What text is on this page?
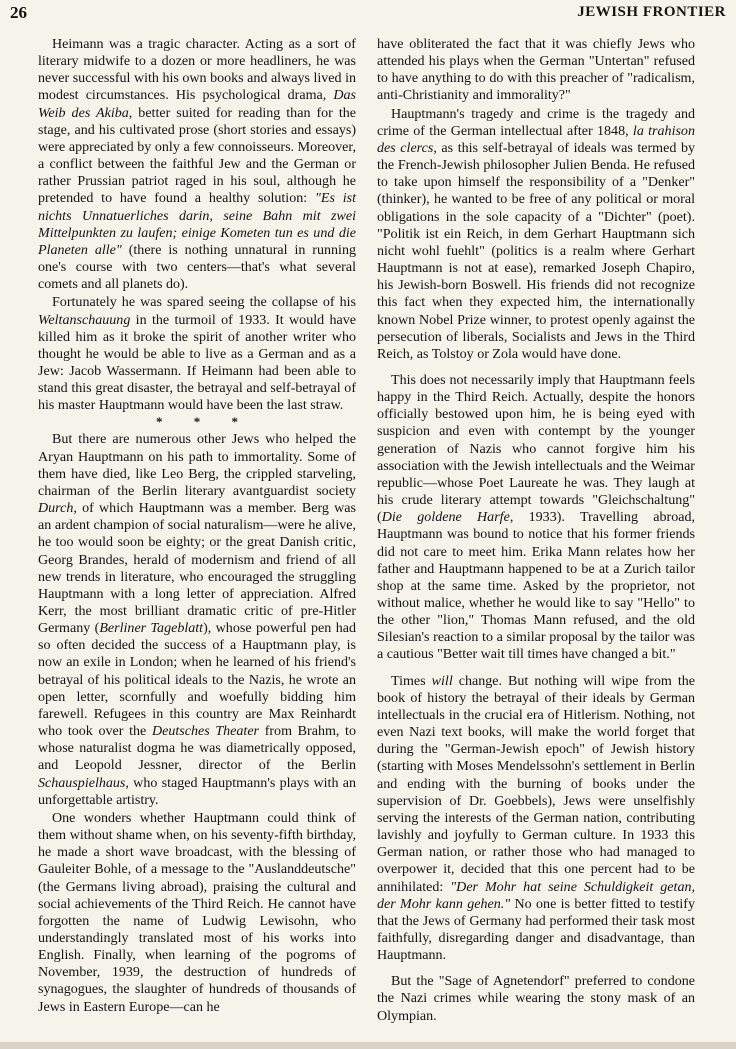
26	JEWISH FRONTIER

Heimann was a tragic character. Acting as a sort of literary midwife to a dozen or more headliners, he was never successful with his own books and always lived in modest circumstances. His psychological drama, Das Weib des Akiba, better suited for reading than for the stage, and his cultivated prose (short stories and essays) were appreciated by only a few connoisseurs. Moreover, a conflict between the faithful Jew and the German or rather Prussian patriot raged in his soul, although he pretended to have found a healthy solution: "Es ist nichts Unnatuerliches darin, seine Bahn mit zwei Mittelpunkten zu laufen; einige Kometen tun es und die Planeten alle" (there is nothing unnatural in running one's course with two centers—that's what several comets and all planets do).

Fortunately he was spared seeing the collapse of his Weltanschauung in the turmoil of 1933. It would have killed him as it broke the spirit of another writer who thought he would be able to live as a German and as a Jew: Jacob Wassermann. If Heimann had been able to stand this great disaster, the betrayal and self-betrayal of his master Hauptmann would have been the last straw.

* * *

But there are numerous other Jews who helped the Aryan Hauptmann on his path to immortality. Some of them have died, like Leo Berg, the crippled starveling, chairman of the Berlin literary avantguardist society Durch, of which Hauptmann was a member. Berg was an ardent champion of social naturalism—were he alive, he too would soon be eighty; or the great Danish critic, Georg Brandes, herald of modernism and friend of all new trends in literature, who encouraged the struggling Hauptmann with a long letter of appreciation. Alfred Kerr, the most brilliant dramatic critic of pre-Hitler Germany (Berliner Tageblatt), whose powerful pen had so often decided the success of a Hauptmann play, is now an exile in London; when he learned of his friend's betrayal of his political ideals to the Nazis, he wrote an open letter, scornfully and woefully bidding him farewell. Refugees in this country are Max Reinhardt who took over the Deutsches Theater from Brahm, to whose naturalist dogma he was diametrically opposed, and Leopold Jessner, director of the Berlin Schauspielhaus, who staged Hauptmann's plays with an unforgettable artistry.

One wonders whether Hauptmann could think of them without shame when, on his seventy-fifth birthday, he made a short wave broadcast, with the blessing of Gauleiter Bohle, of a message to the "Auslanddeutsche" (the Germans living abroad), praising the cultural and social achievements of the Third Reich. He cannot have forgotten the name of Ludwig Lewisohn, who understandingly translated most of his works into English. Finally, when learning of the pogroms of November, 1939, the destruction of hundreds of synagogues, the slaughter of hundreds of thousands of Jews in Eastern Europe—can he

have obliterated the fact that it was chiefly Jews who attended his plays when the German "Untertan" refused to have anything to do with this preacher of "radicalism, anti-Christianity and immorality?"

Hauptmann's tragedy and crime is the tragedy and crime of the German intellectual after 1848, la trahison des clercs, as this self-betrayal of ideals was termed by the French-Jewish philosopher Julien Benda. He refused to take upon himself the responsibility of a "Denker" (thinker), he wanted to be free of any political or moral obligations in the sole capacity of a "Dichter" (poet). "Politik ist ein Reich, in dem Gerhart Hauptmann sich nicht wohl fuehlt" (politics is a realm where Gerhart Hauptmann is not at ease), remarked Joseph Chapiro, his Jewish-born Boswell. His friends did not recognize this fact when they expected him, the internationally known Nobel Prize winner, to protest openly against the persecution of liberals, Socialists and Jews in the Third Reich, as Tolstoy or Zola would have done.

This does not necessarily imply that Hauptmann feels happy in the Third Reich. Actually, despite the honors officially bestowed upon him, he is being eyed with suspicion and even with contempt by the younger generation of Nazis who cannot forgive him his association with the Jewish intellectuals and the Weimar republic—whose Poet Laureate he was. They laugh at his crude literary attempt towards "Gleichschaltung" (Die goldene Harfe, 1933). Travelling abroad, Hauptmann was bound to notice that his former friends did not care to meet him. Erika Mann relates how her father and Hauptmann happened to be at a Zurich tailor shop at the same time. Asked by the proprietor, not without malice, whether he would like to say "Hello" to the other "lion," Thomas Mann refused, and the old Silesian's reaction to a similar proposal by the tailor was a cautious "Better wait till times have changed a bit."

Times will change. But nothing will wipe from the book of history the betrayal of their ideals by German intellectuals in the crucial era of Hitlerism. Nothing, not even Nazi text books, will make the world forget that during the "German-Jewish epoch" of Jewish history (starting with Moses Mendelssohn's settlement in Berlin and ending with the burning of books under the supervision of Dr. Goebbels), Jews were unselfishly serving the interests of the German nation, contributing lavishly and joyfully to German culture. In 1933 this German nation, or rather those who had managed to overpower it, decided that this one percent had to be annihilated: "Der Mohr hat seine Schuldigkeit getan, der Mohr kann gehen." No one is better fitted to testify that the Jews of Germany had performed their task most faithfully, disregarding danger and disadvantage, than Hauptmann.

But the "Sage of Agnetendorf" preferred to condone the Nazi crimes while wearing the stony mask of an Olympian.
